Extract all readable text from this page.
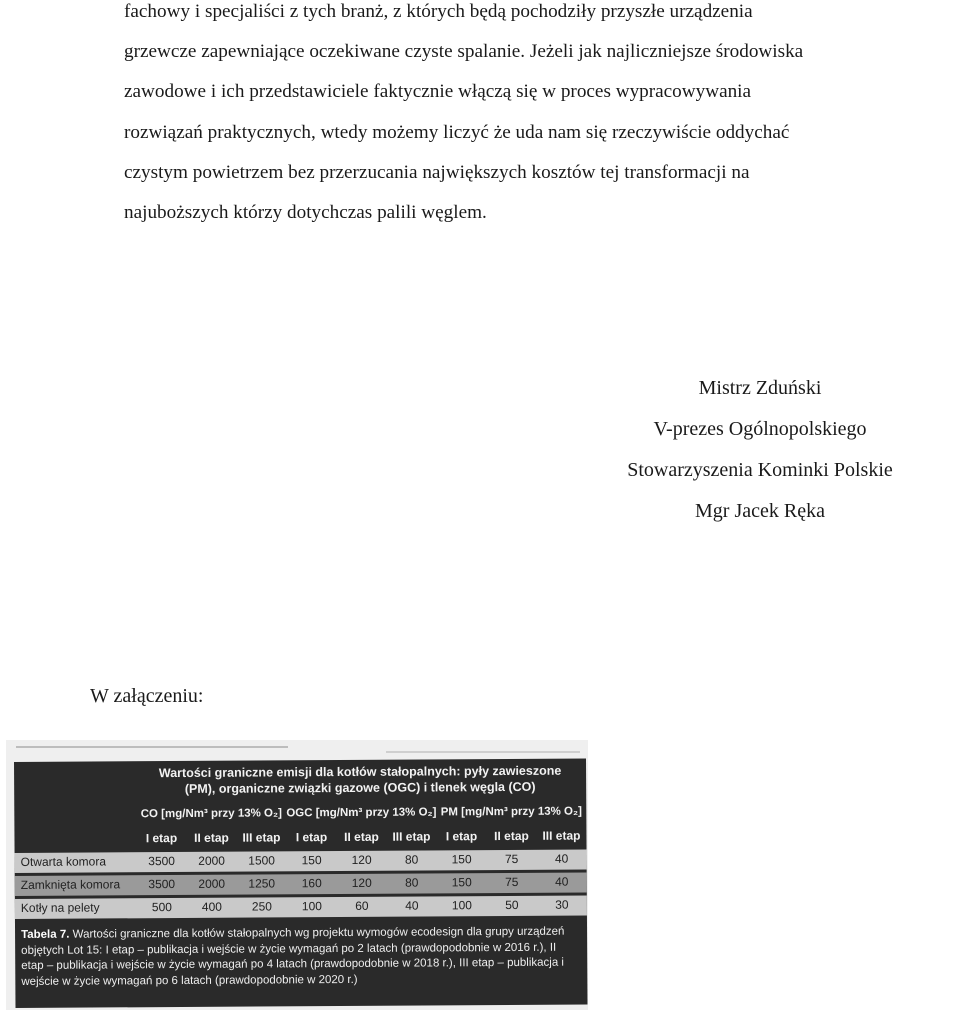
fachowy i specjaliści z tych branż, z których będą pochodziły przyszłe urządzenia
grzewcze zapewniające oczekiwane czyste spalanie. Jeżeli jak najliczniejsze środowiska
zawodowe i ich przedstawiciele faktycznie włączą się w proces wypracowywania
rozwiązań praktycznych, wtedy możemy liczyć że uda nam się rzeczywiście oddychać
czystym powietrzem bez przerzucania największych kosztów tej transformacji na
najuboższych którzy dotychczas palili węglem.
Mistrz Zduński
V-prezes Ogólnopolskiego
Stowarzyszenia Kominki Polskie
Mgr Jacek Ręka

W załączeniu:

Wartości graniczne emisji dla kotłów stałopalnych: pyły zawieszone
(PM), organiczne związki gazowe (OGC) i tlenek węgla (CO)
CO [mg/Nm³ przy 13% O₂] OGC [mg/Nm³ przy 13% O₂] PM [mg/Nm³ przy 13% O₂]
I etap	II etap	III etap	I etap	II etap	III etap	I etap	II etap	III etap
Otwarta komora	3500	2000	1500	150	120	80	150	75	40
Zamknięta komora	3500	2000	1250	160	120	80	150	75	40
Kotły na pelety	500	400	250	100	60	40	100	50	30
Tabela 7. Wartości graniczne dla kotłów stałopalnych wg projektu wymogów ecodesign dla grupy urządzeń objętych Lot 15: I etap – publikacja i wejście w życie wymagań po 2 latach (prawdopodobnie w 2016 r.), II etap – publikacja i wejście w życie wymagań po 4 latach (prawdopodobnie w 2018 r.), III etap – publikacja i wejście w życie wymagań po 6 latach (prawdopodobnie w 2020 r.)
